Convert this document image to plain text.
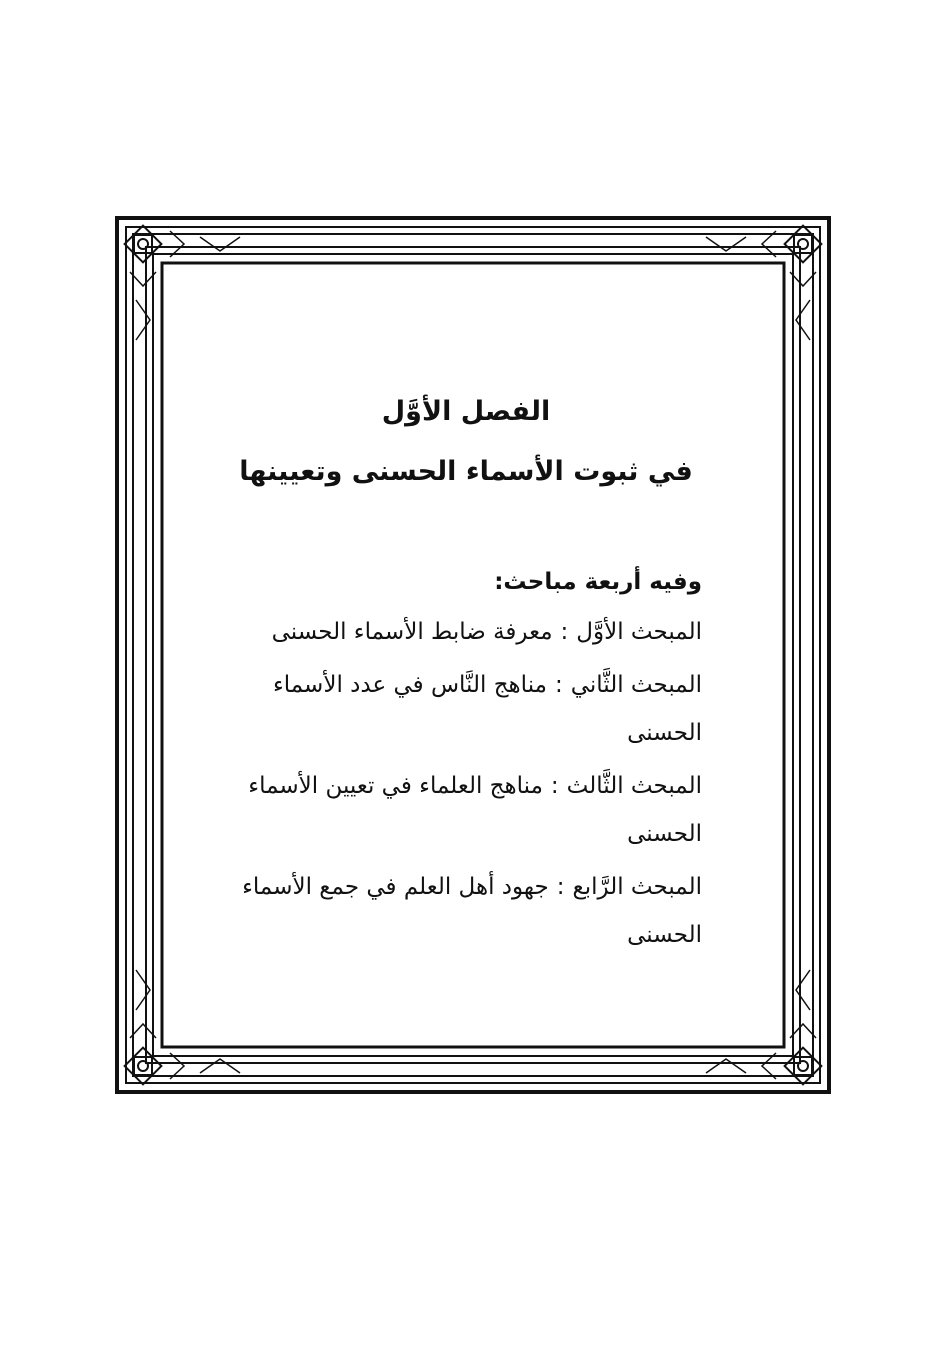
الفصل الأوَّل
في ثبوت الأسماء الحسنى وتعيينها

وفيه أربعة مباحث:

المبحث الأوَّل:معرفة ضابط الأسماء الحسنى
المبحث الثَّاني:مناهج النَّاس في عدد الأسماء الحسنى
المبحث الثَّالث:مناهج العلماء في تعيين الأسماء الحسنى
المبحث الرَّابع:جهود أهل العلم في جمع الأسماء الحسنى
